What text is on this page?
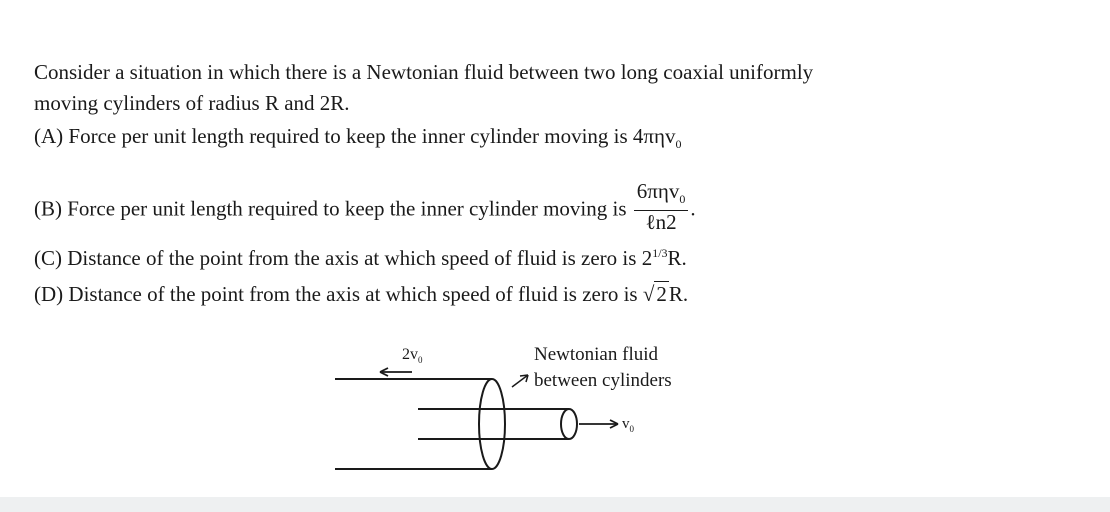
Consider a situation in which there is a Newtonian fluid between two long coaxial uniformly
moving cylinders of radius R and 2R.
(A) Force per unit length required to keep the inner cylinder moving is 4πηv$_0$
(B) Force per unit length required to keep the inner cylinder moving is $\frac{6\pi\eta v_0}{\text{ℓn2}}$ .
(C) Distance of the point from the axis at which speed of fluid is zero is $2^{1/3}R$.
(D) Distance of the point from the axis at which speed of fluid is zero is √2R.
$2v_0$
$v_0$
Newtonian fluid
between cylinders
